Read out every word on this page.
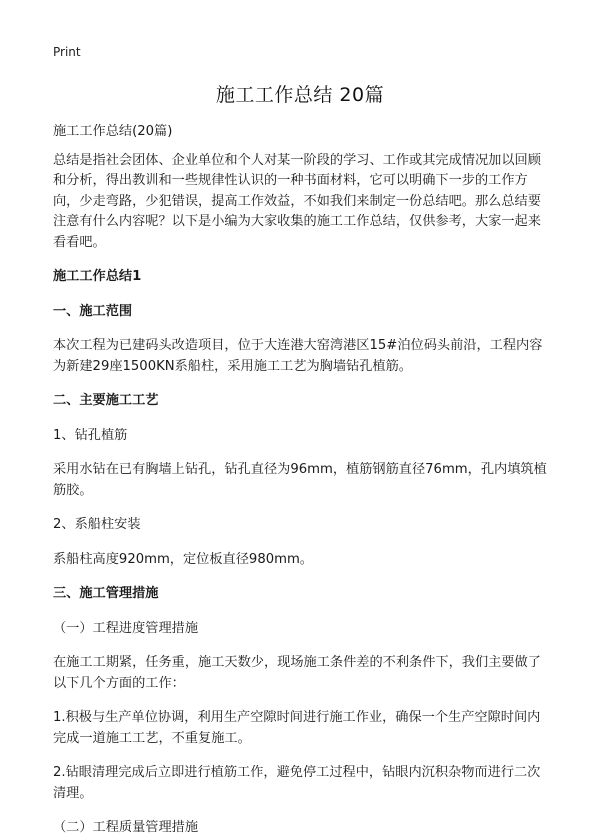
Print
施工工作总结 20篇

施工工作总结(20篇)

总结是指社会团体、企业单位和个人对某一阶段的学习、工作或其完成情况加以回顾和分析，得出教训和一些规律性认识的一种书面材料，它可以明确下一步的工作方向，少走弯路，少犯错误，提高工作效益，不如我们来制定一份总结吧。那么总结要注意有什么内容呢？以下是小编为大家收集的施工工作总结，仅供参考，大家一起来看看吧。

施工工作总结1

一、施工范围

本次工程为已建码头改造项目，位于大连港大窑湾港区15#泊位码头前沿，工程内容为新建29座1500KN系船柱，采用施工工艺为胸墙钻孔植筋。

二、主要施工工艺

1、钻孔植筋

采用水钻在已有胸墙上钻孔，钻孔直径为96mm，植筋钢筋直径76mm，孔内填筑植筋胶。

2、系船柱安装

系船柱高度920mm，定位板直径980mm。

三、施工管理措施

（一）工程进度管理措施

在施工工期紧，任务重，施工天数少，现场施工条件差的不利条件下，我们主要做了以下几个方面的工作：

1.积极与生产单位协调，利用生产空隙时间进行施工作业，确保一个生产空隙时间内完成一道施工工艺，不重复施工。

2.钻眼清理完成后立即进行植筋工作，避免停工过程中，钻眼内沉积杂物而进行二次清理。

（二）工程质量管理措施
